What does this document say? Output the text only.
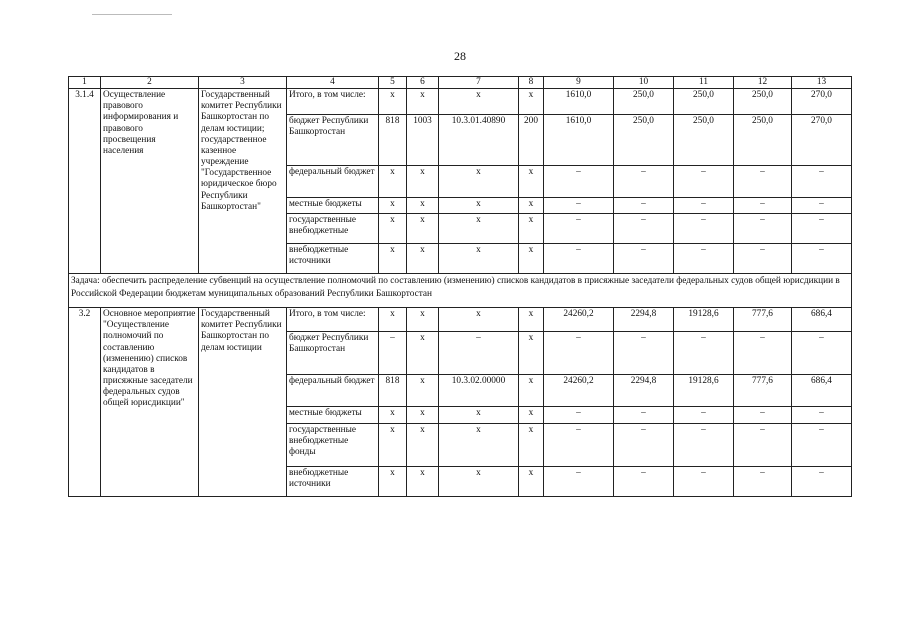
28
1	2	3	4	5	6	7	8	9	10	11	12	13
3.1.4	Осуществление правового информирования и правового просвещения населения	Государственный комитет Республики Башкортостан по делам юстиции; государственное казенное учреждение "Государственное юридическое бюро Республики Башкортостан"	Итого, в том числе:	х	х	х	х	1610,0	250,0	250,0	250,0	270,0
			бюджет Республики Башкортостан	818	1003	10.3.01.40890	200	1610,0	250,0	250,0	250,0	270,0
			федеральный бюджет	х	х	х	х	–	–	–	–	–
			местные бюджеты	х	х	х	х	–	–	–	–	–
			государственные внебюджетные	х	х	х	х	–	–	–	–	–
			внебюджетные источники	х	х	х	х	–	–	–	–	–
Задача: обеспечить распределение субвенций на осуществление полномочий по составлению (изменению) списков кандидатов в присяжные заседатели федеральных судов общей юрисдикции в Российской Федерации бюджетам муниципальных образований Республики Башкортостан												
3.2	Основное мероприятие "Осуществление полномочий по составлению (изменению) списков кандидатов в присяжные заседатели федеральных судов общей юрисдикции"	Государственный комитет Республики Башкортостан по делам юстиции	Итого, в том числе:	х	х	х	х	24260,2	2294,8	19128,6	777,6	686,4
			бюджет Республики Башкортостан	–	х	–	х	–	–	–	–	–
			федеральный бюджет	818	х	10.3.02.00000	х	24260,2	2294,8	19128,6	777,6	686,4
			местные бюджеты	х	х	х	х	–	–	–	–	–
			государственные внебюджетные фонды	х	х	х	х	–	–	–	–	–
			внебюджетные источники	х	х	х	х	–	–	–	–	–
